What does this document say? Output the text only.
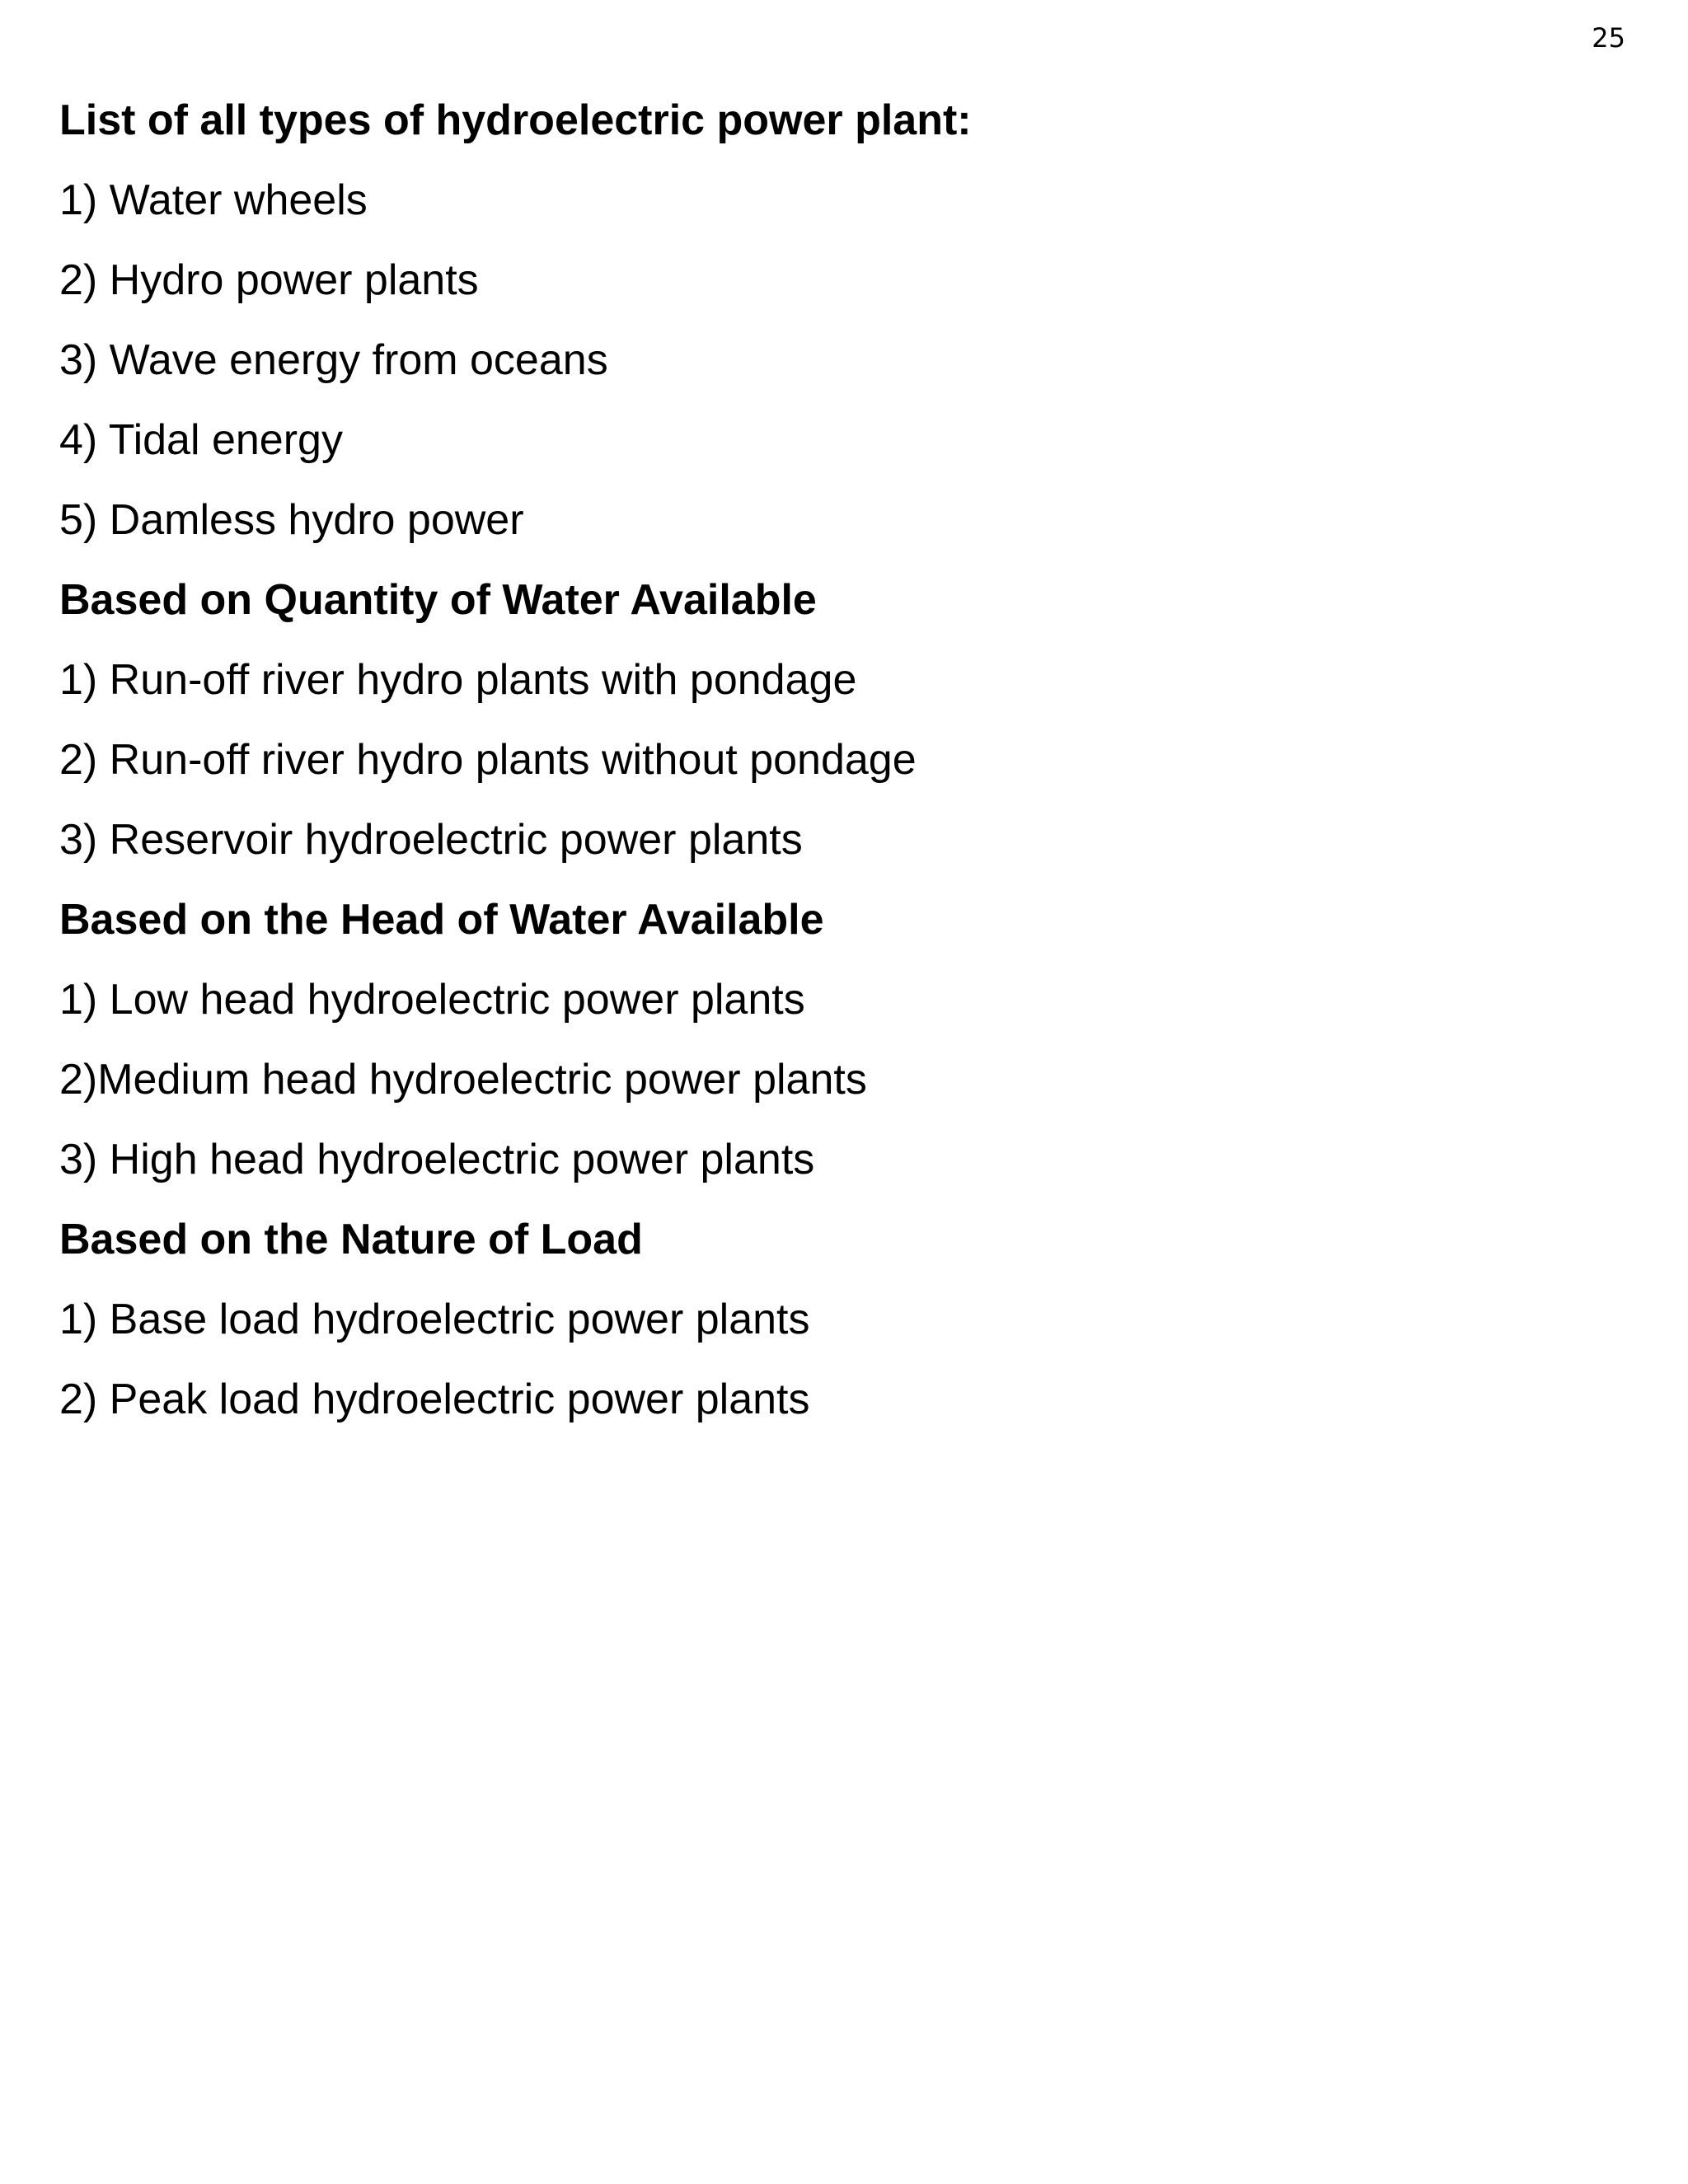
25
List of all types of hydroelectric power plant:
1) Water wheels
2) Hydro power plants
3) Wave energy from oceans
4) Tidal energy
5) Damless hydro power
Based on Quantity of Water Available
1) Run-off river hydro plants with pondage
2) Run-off river hydro plants without pondage
3) Reservoir hydroelectric power plants
Based on the Head of Water Available
1) Low head hydroelectric power plants
2)Medium head hydroelectric power plants
3) High head hydroelectric power plants
Based on the Nature of Load
1) Base load hydroelectric power plants
2) Peak load hydroelectric power plants
